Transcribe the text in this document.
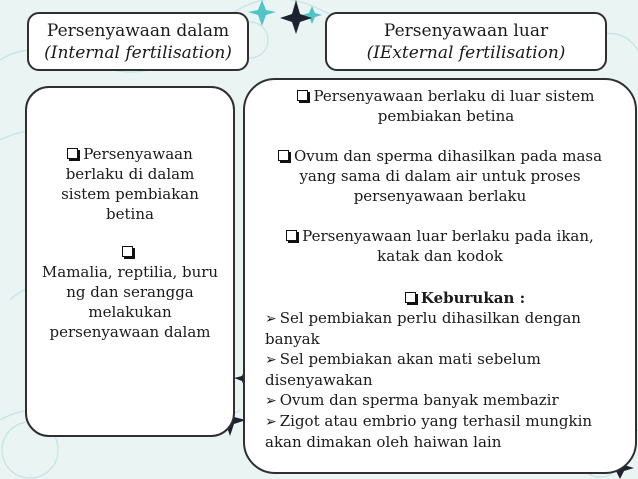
Persenyawaan dalam
(Internal fertilisation)
Persenyawaan luar
(IExternal fertilisation)
Persenyawaan berlaku di dalam sistem pembiakan betina
Mamalia, reptilia, buru ng dan serangga melakukan persenyawaan dalam
Persenyawaan berlaku di luar sistem pembiakan betina
Ovum dan sperma dihasilkan pada masa yang sama di dalam air untuk proses persenyawaan berlaku
Persenyawaan luar berlaku pada ikan, katak dan kodok
Keburukan :
➢ Sel pembiakan perlu dihasilkan dengan banyak
➢ Sel pembiakan akan mati sebelum disenyawakan
➢ Ovum dan sperma banyak membazir
➢ Zigot atau embrio yang terhasil mungkin akan dimakan oleh haiwan lain
